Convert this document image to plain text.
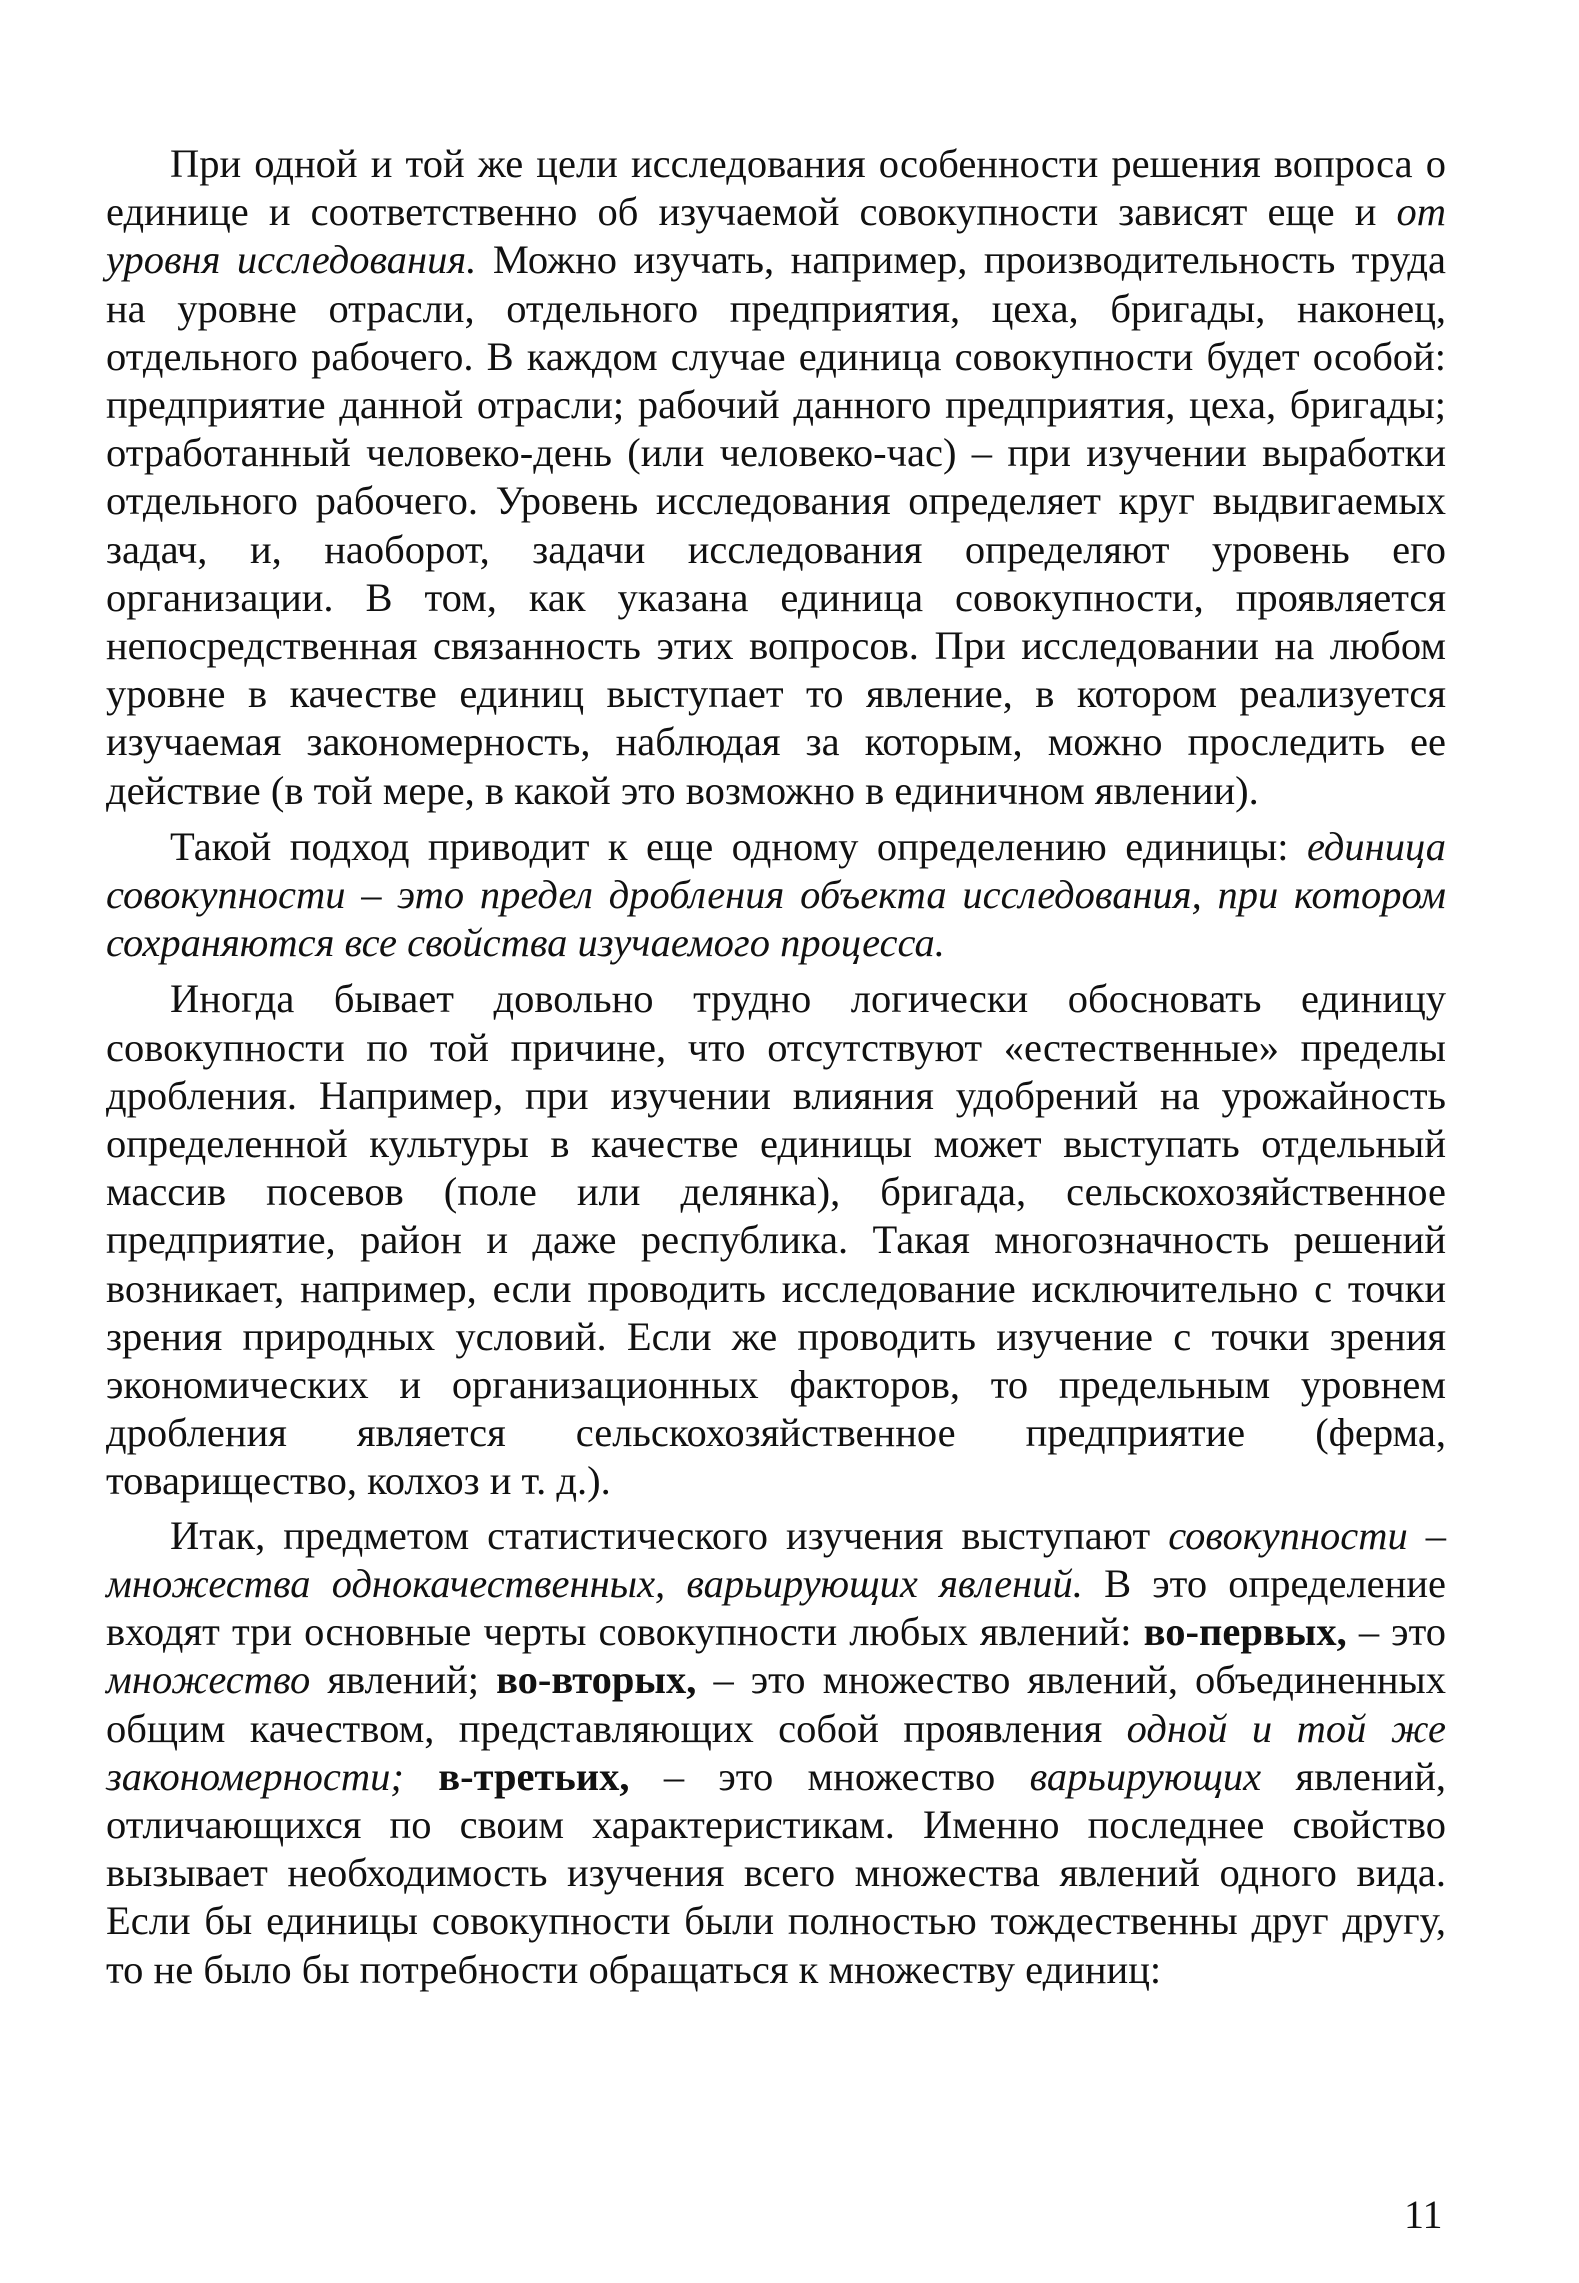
При одной и той же цели исследования особенности решения вопроса о единице и соответственно об изучаемой совокупности зависят еще и от уровня исследования. Можно изучать, например, производительность труда на уровне отрасли, отдельного предприятия, цеха, бригады, наконец, отдельного рабочего. В каждом случае единица совокупности будет особой: предприятие данной отрасли; рабочий данного предприятия, цеха, бригады; отработанный человеко-день (или человеко-час) – при изучении выработки отдельного рабочего. Уровень исследования определяет круг выдвигаемых задач, и, наоборот, задачи исследования определяют уровень его организации. В том, как указана единица совокупности, проявляется непосредственная связанность этих вопросов. При исследовании на любом уровне в качестве единиц выступает то явление, в котором реализуется изучаемая закономерность, наблюдая за которым, можно проследить ее действие (в той мере, в какой это возможно в единичном явлении).

Такой подход приводит к еще одному определению единицы: единица совокупности – это предел дробления объекта исследования, при котором сохраняются все свойства изучаемого процесса.

Иногда бывает довольно трудно логически обосновать единицу совокупности по той причине, что отсутствуют «естественные» пределы дробления. Например, при изучении влияния удобрений на урожайность определенной культуры в качестве единицы может выступать отдельный массив посевов (поле или делянка), бригада, сельскохозяйственное предприятие, район и даже республика. Такая многозначность решений возникает, например, если проводить исследование исключительно с точки зрения природных условий. Если же проводить изучение с точки зрения экономических и организационных факторов, то предельным уровнем дробления является сельскохозяйственное предприятие (ферма, товарищество, колхоз и т. д.).

Итак, предметом статистического изучения выступают совокупности – множества однокачественных, варьирующих явлений. В это определение входят три основные черты совокупности любых явлений: во-первых, – это множество явлений; во-вторых, – это множество явлений, объединенных общим качеством, представляющих собой проявления одной и той же закономерности; в-третьих, – это множество варьирующих явлений, отличающихся по своим характеристикам. Именно последнее свойство вызывает необходимость изучения всего множества явлений одного вида. Если бы единицы совокупности были полностью тождественны друг другу, то не было бы потребности обращаться к множеству единиц:

11
